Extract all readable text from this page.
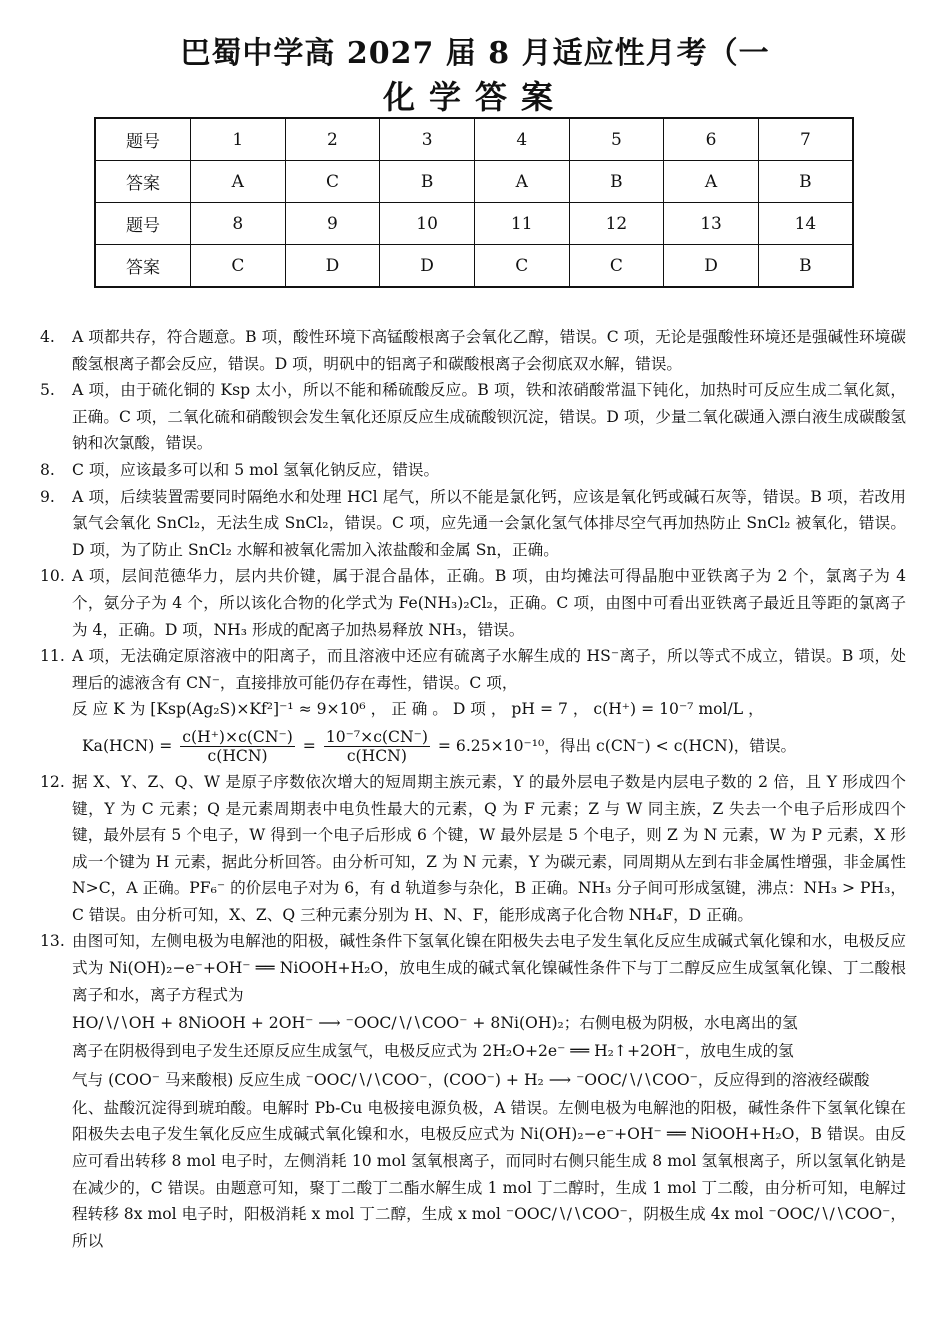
巴蜀中学高 2027 届 8 月适应性月考（一
化学答案
题号	1	2	3	4	5	6	7
答案	A	C	B	A	B	A	B
题号	8	9	10	11	12	13	14
答案	C	D	D	C	C	D	B
4. A 项都共存，符合题意。B 项，酸性环境下高锰酸根离子会氧化乙醇，错误。C 项，无论是强酸性环境还是强碱性环境碳酸氢根离子都会反应，错误。D 项，明矾中的铝离子和碳酸根离子会彻底双水解，错误。
5. A 项，由于硫化铜的 Ksp 太小，所以不能和稀硫酸反应。B 项，铁和浓硝酸常温下钝化，加热时可反应生成二氧化氮，正确。C 项，二氧化硫和硝酸钡会发生氧化还原反应生成硫酸钡沉淀，错误。D 项，少量二氧化碳通入漂白液生成碳酸氢钠和次氯酸，错误。
8. C 项，应该最多可以和 5 mol 氢氧化钠反应，错误。
9. A 项，后续装置需要同时隔绝水和处理 HCl 尾气，所以不能是氯化钙，应该是氧化钙或碱石灰等，错误。B 项，若改用氯气会氧化 SnCl₂，无法生成 SnCl₂，错误。C 项，应先通一会氯化氢气体排尽空气再加热防止 SnCl₂ 被氧化，错误。D 项，为了防止 SnCl₂ 水解和被氧化需加入浓盐酸和金属 Sn，正确。
10. A 项，层间范德华力，层内共价键，属于混合晶体，正确。B 项，由均摊法可得晶胞中亚铁离子为 2 个，氯离子为 4 个，氨分子为 4 个，所以该化合物的化学式为 Fe(NH₃)₂Cl₂，正确。C 项，由图中可看出亚铁离子最近且等距的氯离子为 4，正确。D 项，NH₃ 形成的配离子加热易释放 NH₃，错误。
11. A 项，无法确定原溶液中的阳离子，而且溶液中还应有硫离子水解生成的 HS⁻离子，所以等式不成立，错误。B 项，处理后的滤液含有 CN⁻，直接排放可能仍存在毒性，错误。C 项，
反 应 K 为 [Ksp(Ag₂S)×Kf²]⁻¹ ≈ 9×10⁶ ， 正 确 。 D 项 ， pH = 7 ， c(H⁺) = 10⁻⁷ mol/L ，
$Ka(HCN) = \frac{c(H^+)\times c(CN^-)}{\text{c(HCN)}} = \frac{\text{10⁻⁷×c(CN⁻)}}{\text{c(HCN)}} = 6.25\times 10^{-10}$，得出 c(CN⁻) < c(HCN)，错误。
12. 据 X、Y、Z、Q、W 是原子序数依次增大的短周期主族元素，Y 的最外层电子数是内层电子数的 2 倍，且 Y 形成四个键，Y 为 C 元素；Q 是元素周期表中电负性最大的元素，Q 为 F 元素；Z 与 W 同主族，Z 失去一个电子后形成四个键，最外层有 5 个电子，W 得到一个电子后形成 6 个键，W 最外层是 5 个电子，则 Z 为 N 元素，W 为 P 元素，X 形成一个键为 H 元素，据此分析回答。由分析可知，Z 为 N 元素，Y 为碳元素，同周期从左到右非金属性增强，非金属性 N>C，A 正确。PF₆⁻ 的价层电子对为 6，有 d 轨道参与杂化，B 正确。NH₃ 分子间可形成氢键，沸点：NH₃ > PH₃，C 错误。由分析可知，X、Z、Q 三种元素分别为 H、N、F，能形成离子化合物 NH₄F，D 正确。
13. 由图可知，左侧电极为电解池的阳极，碱性条件下氢氧化镍在阳极失去电子发生氧化反应生成碱式氧化镍和水，电极反应式为 Ni(OH)₂−e⁻+OH⁻ ══ NiOOH+H₂O，放电生成的碱式氧化镍碱性条件下与丁二醇反应生成氢氧化镍、丁二酸根离子和水，离子方程式为
HO∕∖∕∖OH + 8NiOOH + 2OH⁻ ⟶ ⁻OOC∕∖∕∖COO⁻ + 8Ni(OH)₂；右侧电极为阴极，水电离出的氢
离子在阴极得到电子发生还原反应生成氢气，电极反应式为 2H₂O+2e⁻ ══ H₂↑+2OH⁻，放电生成的氢
气与 (COO⁻ 马来酸根) 反应生成 ⁻OOC∕∖∕∖COO⁻，(COO⁻) + H₂ ⟶ ⁻OOC∕∖∕∖COO⁻，反应得到的溶液经碳酸
化、盐酸沉淀得到琥珀酸。电解时 Pb-Cu 电极接电源负极，A 错误。左侧电极为电解池的阳极，碱性条件下氢氧化镍在阳极失去电子发生氧化反应生成碱式氧化镍和水，电极反应式为 Ni(OH)₂−e⁻+OH⁻ ══ NiOOH+H₂O，B 错误。由反应可看出转移 8 mol 电子时，左侧消耗 10 mol 氢氧根离子，而同时右侧只能生成 8 mol 氢氧根离子，所以氢氧化钠是在减少的，C 错误。由题意可知，聚丁二酸丁二酯水解生成 1 mol 丁二醇时，生成 1 mol 丁二酸，由分析可知，电解过程转移 8x mol 电子时，阳极消耗 x mol 丁二醇，生成 x mol ⁻OOC∕∖∕∖COO⁻，阴极生成 4x mol ⁻OOC∕∖∕∖COO⁻，所以
